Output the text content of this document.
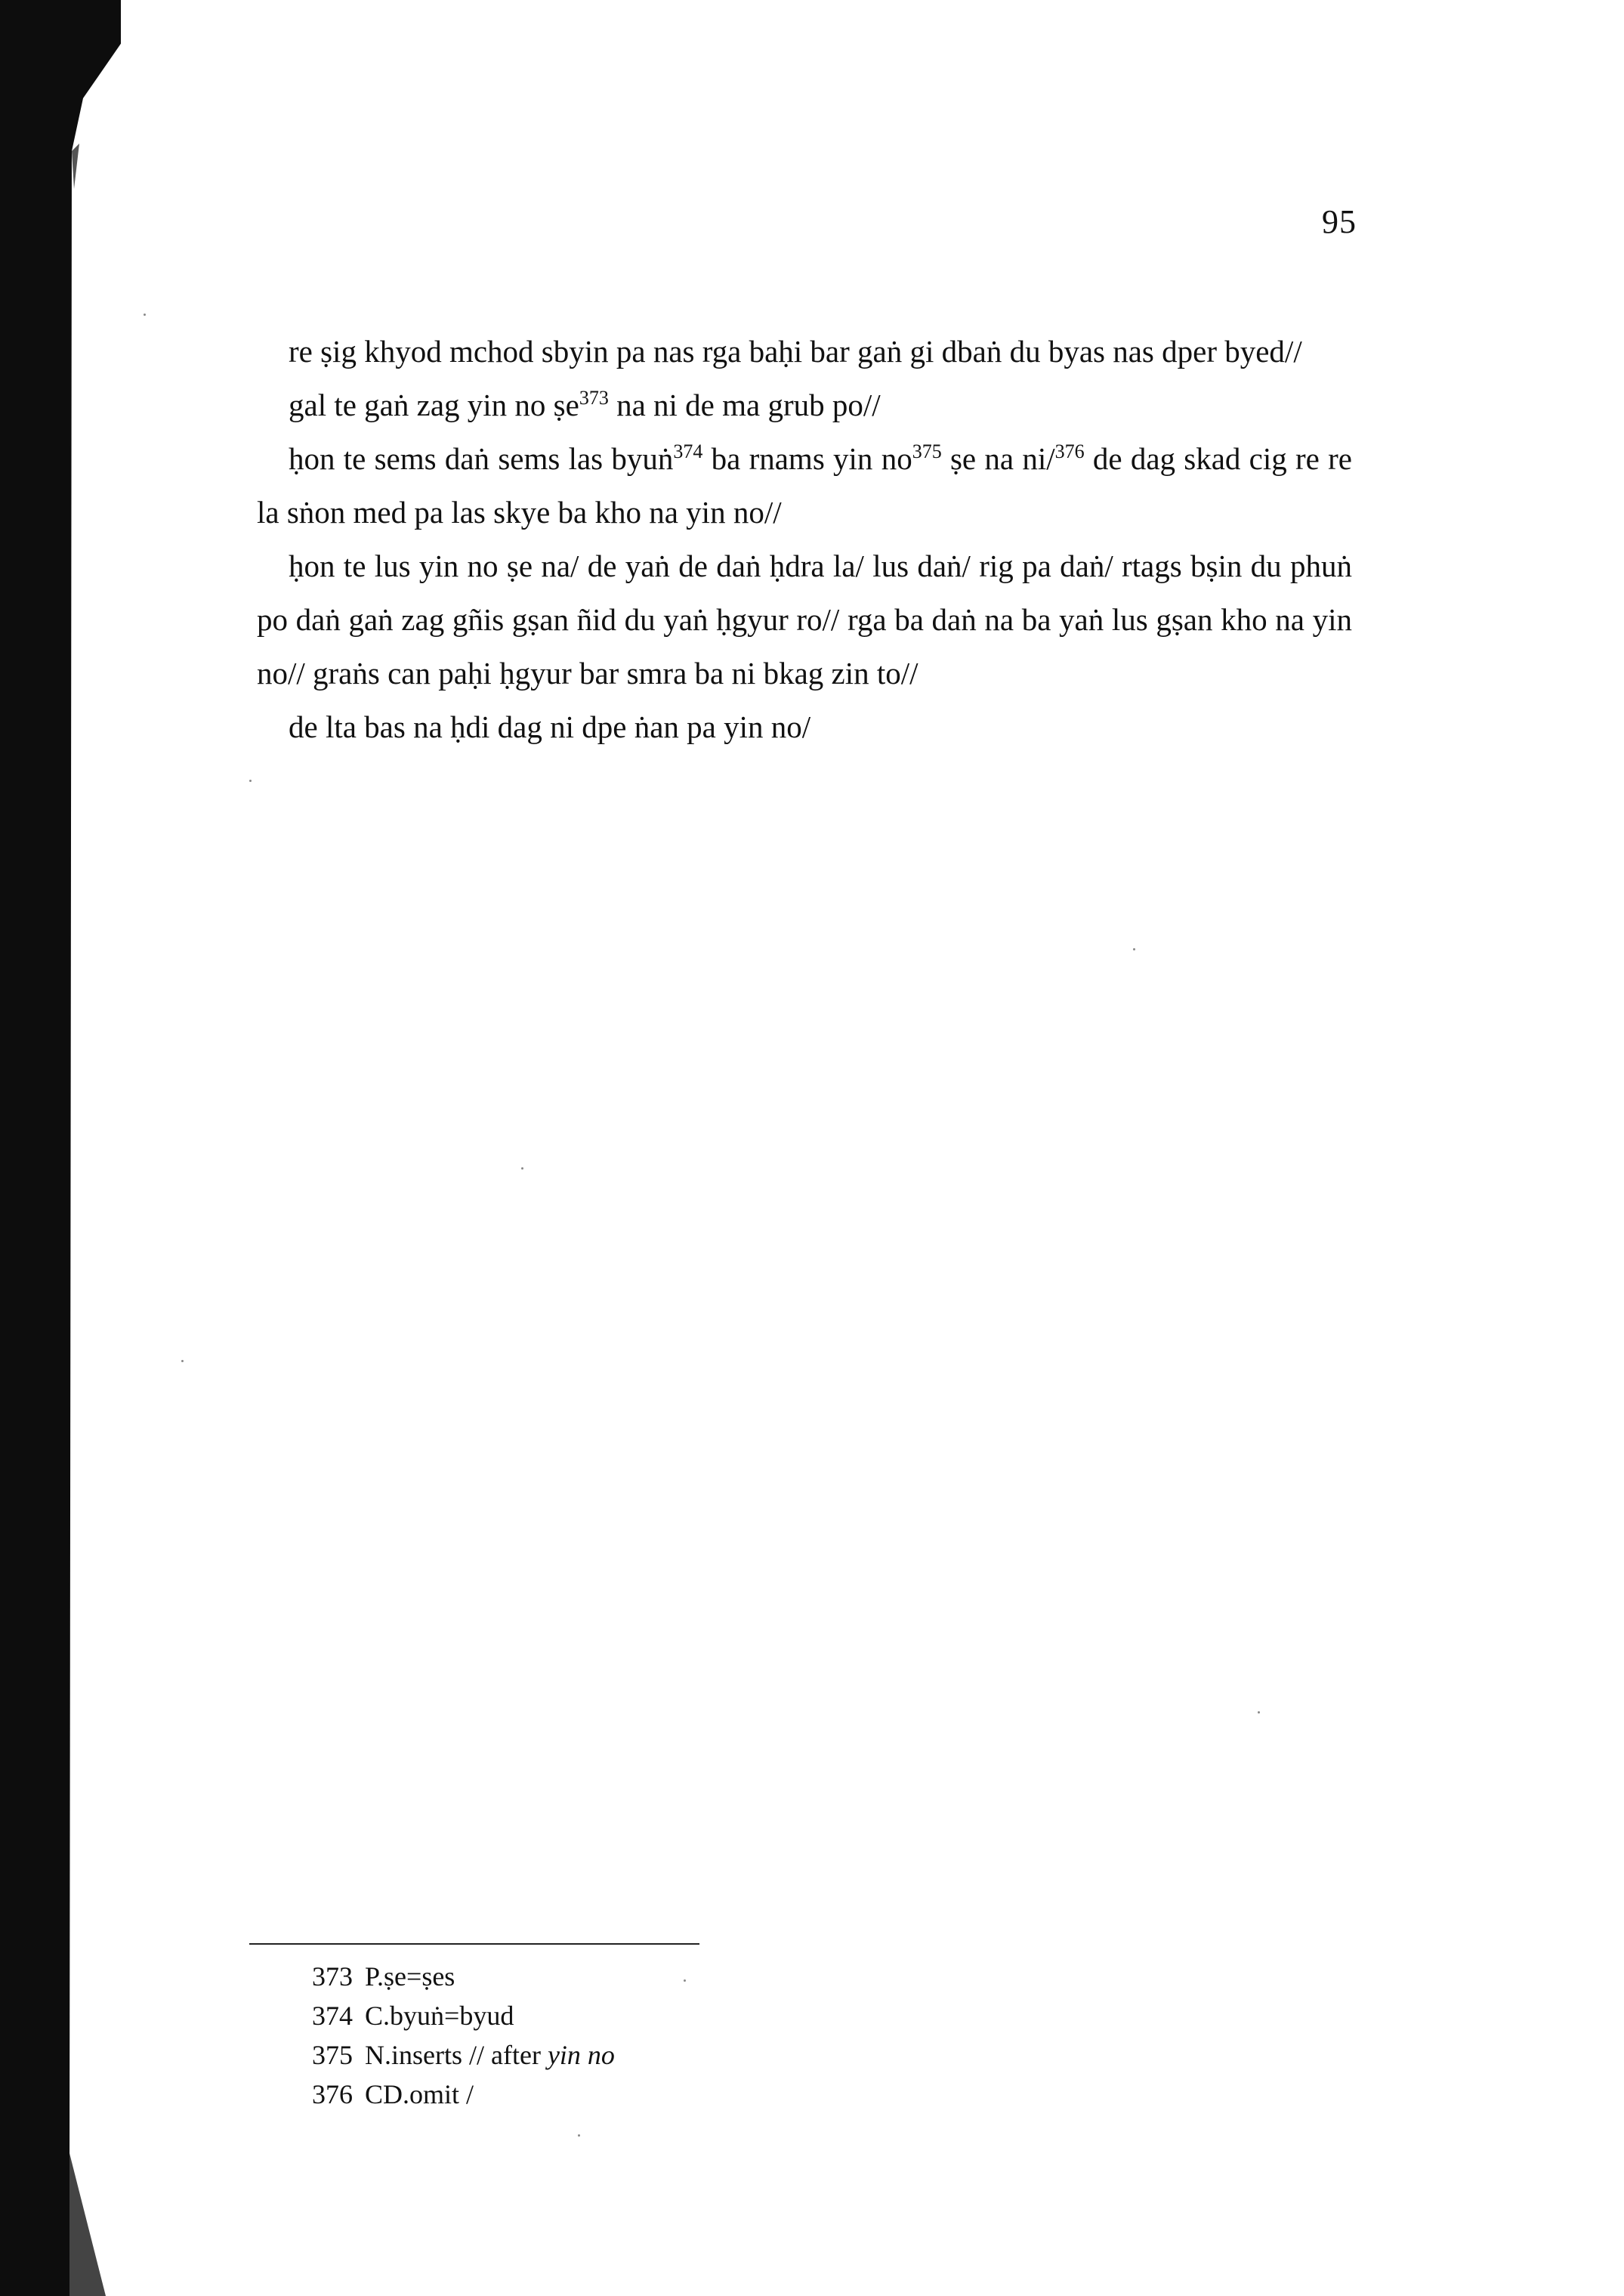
95

re ṣig khyod mchod sbyin pa nas rga baḥi bar gaṅ gi dbaṅ du byas nas dper byed//

gal te gaṅ zag yin no ṣe$^{373}$ na ni de ma grub po//

ḥon te sems daṅ sems las byuṅ$^{374}$ ba rnams yin $no^{375}$ ṣe na ni/$^{376}$ de dag skad cig re re la sṅon med pa las skye ba kho na yin no//

ḥon te lus yin no ṣe na/ de yaṅ de daṅ ḥdra la/ lus daṅ/ rig pa daṅ/ rtags bṣin du phuṅ po daṅ gaṅ zag gñis gṣan ñid du yaṅ ḥgyur ro// rga ba daṅ na ba yaṅ lus gṣan kho na yin no// graṅs can paḥi ḥgyur bar smra ba ni bkag zin to//

de lta bas na ḥdi dag ni dpe ṅan pa yin no/

373 P.ṣe=ṣes
374 C.byuṅ=byud
375 N.inserts // after yin no
376 CD.omit /
